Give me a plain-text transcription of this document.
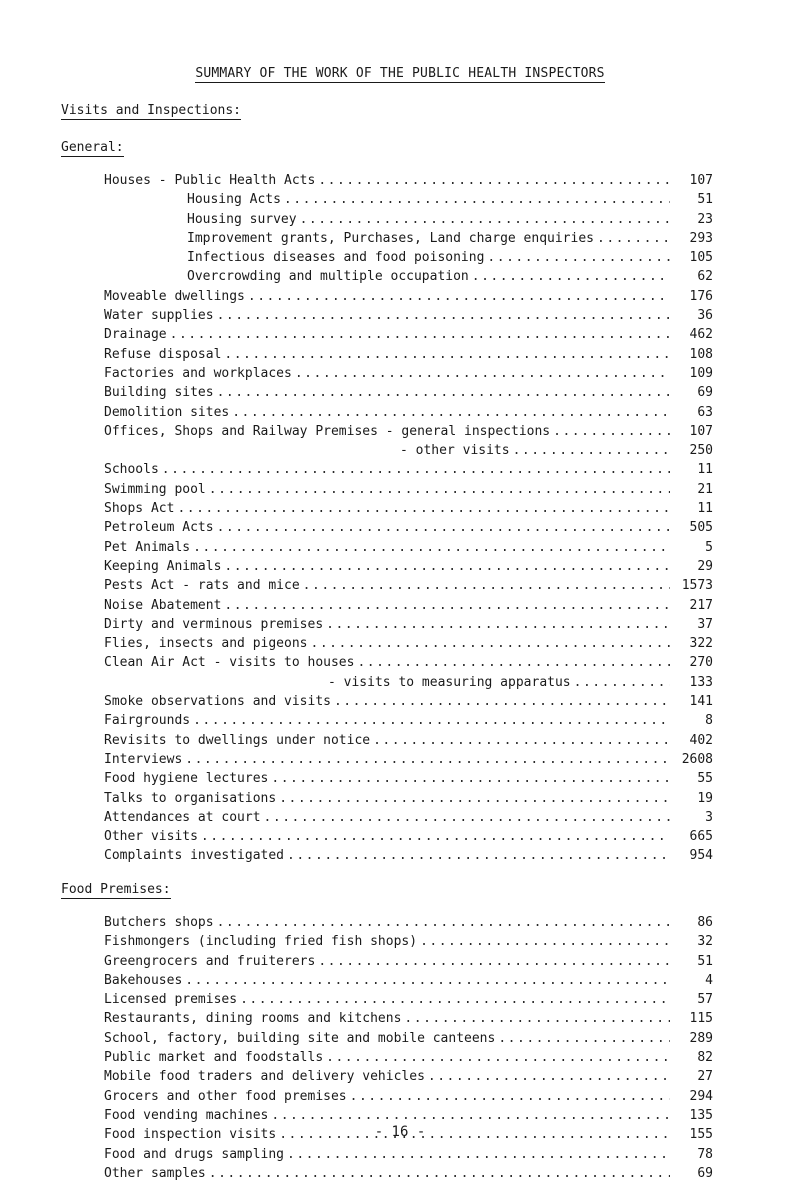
SUMMARY OF THE WORK OF THE PUBLIC HEALTH INSPECTORS
Visits and Inspections:
General:
Houses - Public Health Acts .....	107
Housing Acts .....	51
Housing survey .....	23
Improvement grants, Purchases, Land charge enquiries .....	293
Infectious diseases and food poisoning .....	105
Overcrowding and multiple occupation .....	62
Moveable dwellings .....	176
Water supplies .....	36
Drainage .....	462
Refuse disposal .....	108
Factories and workplaces .....	109
Building sites .....	69
Demolition sites .....	63
Offices, Shops and Railway Premises - general inspections .....	107
- other visits .....	250
Schools .....	11
Swimming pool .....	21
Shops Act .....	11
Petroleum Acts .....	505
Pet Animals .....	5
Keeping Animals .....	29
Pests Act - rats and mice .....	1573
Noise Abatement .....	217
Dirty and verminous premises .....	37
Flies, insects and pigeons .....	322
Clean Air Act - visits to houses .....	270
- visits to measuring apparatus .....	133
Smoke observations and visits .....	141
Fairgrounds .....	8
Revisits to dwellings under notice .....	402
Interviews .....	2608
Food hygiene lectures .....	55
Talks to organisations .....	19
Attendances at court .....	3
Other visits .....	665
Complaints investigated .....	954
Food Premises:
Butchers shops .....	86
Fishmongers (including fried fish shops) .....	32
Greengrocers and fruiterers .....	51
Bakehouses .....	4
Licensed premises .....	57
Restaurants, dining rooms and kitchens .....	115
School, factory, building site and mobile canteens .....	289
Public market and foodstalls .....	82
Mobile food traders and delivery vehicles .....	27
Grocers and other food premises .....	294
Food vending machines .....	135
Food inspection visits .....	155
Food and drugs sampling .....	78
Other samples .....	69
- 16 -
